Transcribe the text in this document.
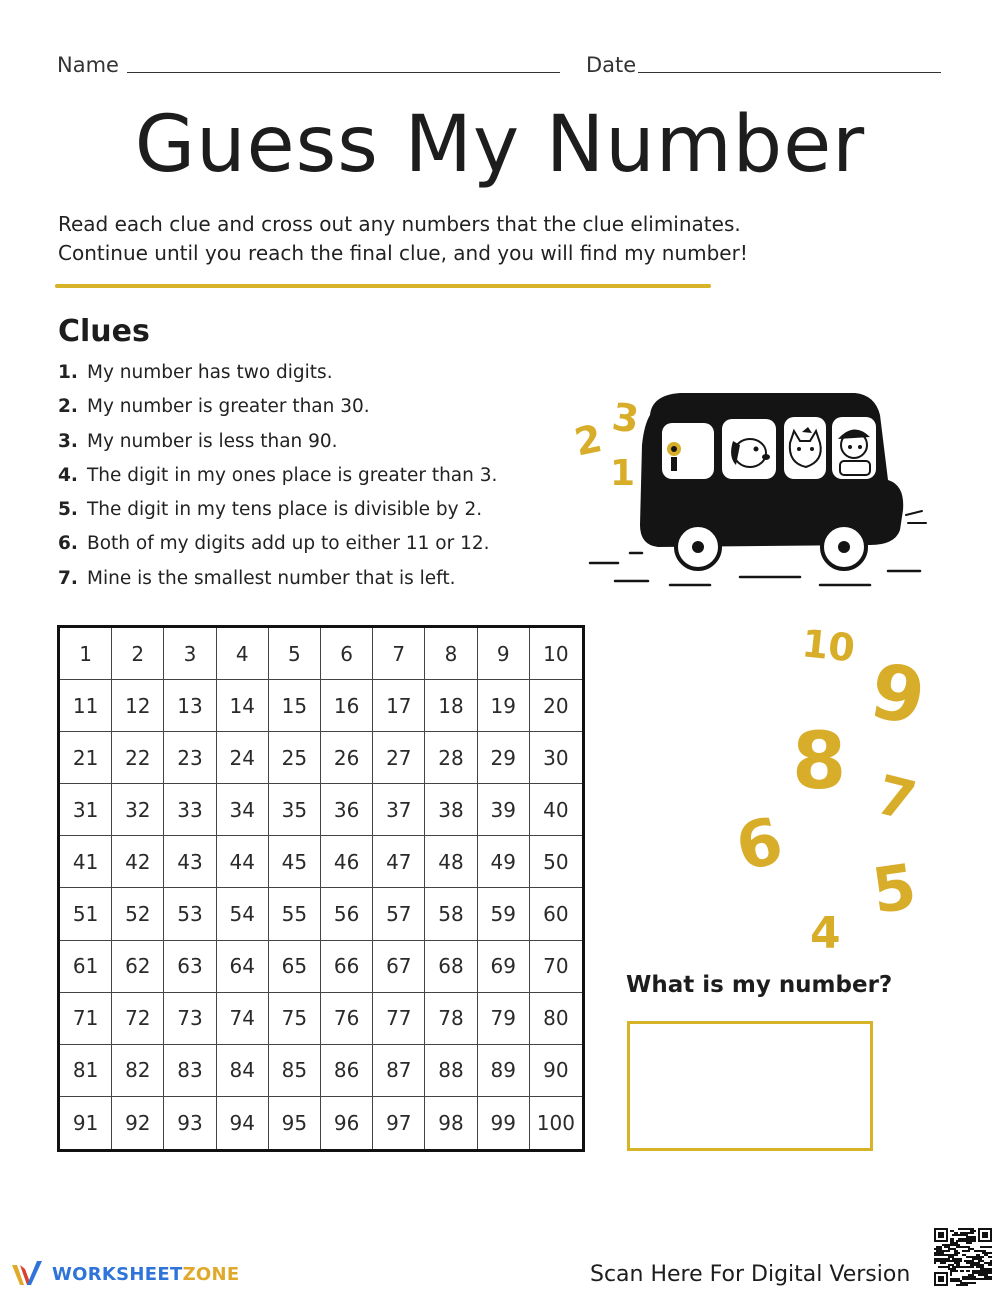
Name	Date
Guess My Number
Read each clue and cross out any numbers that the clue eliminates.
Continue until you reach the final clue, and you will find my number!
Clues
1. My number has two digits.
2. My number is greater than 30.
3. My number is less than 90.
4. The digit in my ones place is greater than 3.
5. The digit in my tens place is divisible by 2.
6. Both of my digits add up to either 11 or 12.
7. Mine is the smallest number that is left.
2 3
1
1	2	3	4	5	6	7	8	9	10
11	12	13	14	15	16	17	18	19	20
21	22	23	24	25	26	27	28	29	30
31	32	33	34	35	36	37	38	39	40
41	42	43	44	45	46	47	48	49	50
51	52	53	54	55	56	57	58	59	60
61	62	63	64	65	66	67	68	69	70
71	72	73	74	75	76	77	78	79	80
81	82	83	84	85	86	87	88	89	90
91	92	93	94	95	96	97	98	99	100
10 9
8 7
6
5
4
What is my number?
WORKSHEETZONE	Scan Here For Digital Version
